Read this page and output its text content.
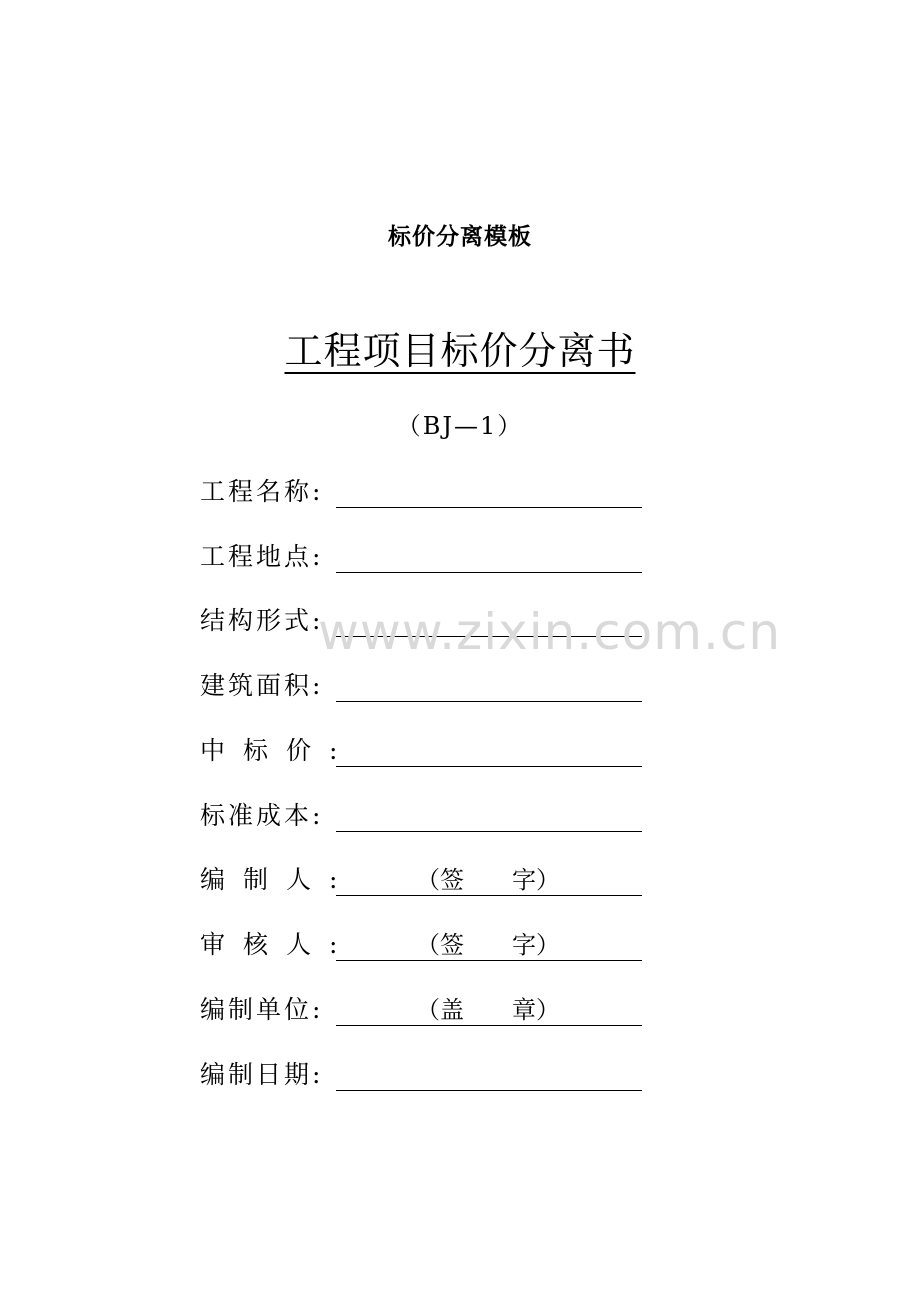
标价分离模板
工程项目标价分离书
（BJ—1）
工程名称:
工程地点:
结构形式:
建筑面积:
中标价:
标准成本:
编制人:	（签 字）
审核人:	（签 字）
编制单位:	（盖 章）
编制日期:
www.zixin.com.cn
